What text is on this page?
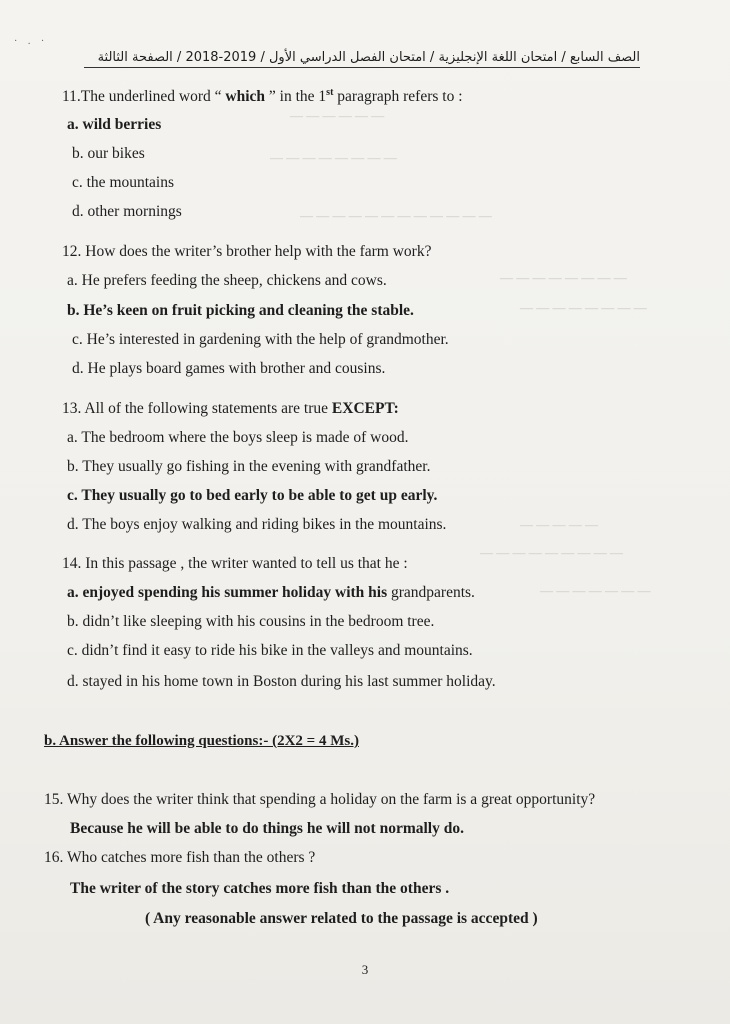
· . ·
الصف السابع / امتحان اللغة الإنجليزية / امتحان الفصل الدراسي الأول / 2019-2018 / الصفحة الثالثة
— — — — — —
— — — — — — — —
— — — — — — — — — — — —
— — — — — — — —
— — — — — — — —
— — — — —
— — — — — — — — —
— — — — — — —
11.The underlined word “ which ” in the 1st paragraph refers to :
a. wild berries
b. our bikes
c. the mountains
d. other mornings
12. How does the writer’s brother help with the farm work?
a. He prefers feeding the sheep, chickens and cows.
b. He’s keen on fruit picking and cleaning the stable.
c. He’s interested in gardening with the help of grandmother.
d. He plays board games with brother and cousins.
13. All of the following statements are true EXCEPT:
a. The bedroom where the boys sleep is made of wood.
b. They usually go fishing in the evening with grandfather.
c. They usually go to bed early to be able to get up early.
d. The boys enjoy walking and riding bikes in the mountains.
14. In this passage , the writer wanted to tell us that he :
a. enjoyed spending his summer holiday with his grandparents.
b. didn’t like sleeping with his cousins in the bedroom tree.
c. didn’t find it easy to ride his bike in the valleys and mountains.
d. stayed in his home town in Boston during his last summer holiday.
b. Answer the following questions:- (2X2 = 4 Ms.)
15. Why does the writer think that spending a holiday on the farm is a great opportunity?
Because he will be able to do things he will not normally do.
16. Who catches more fish than the others ?
The writer of the story catches more fish than the others .
( Any reasonable answer related to the passage is accepted )
3
